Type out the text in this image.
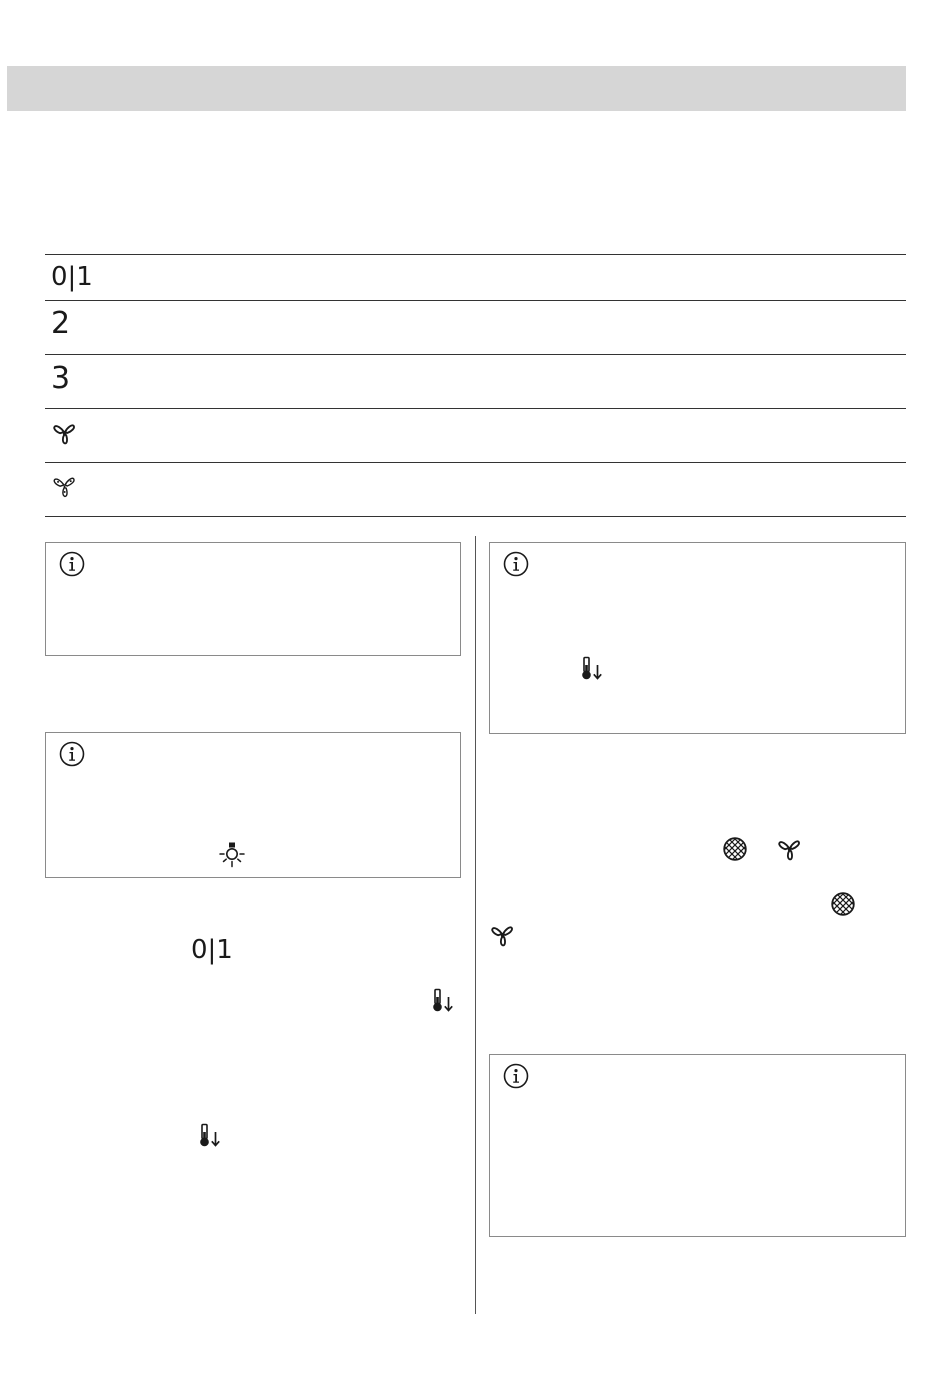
0|1
2
3
0|1
